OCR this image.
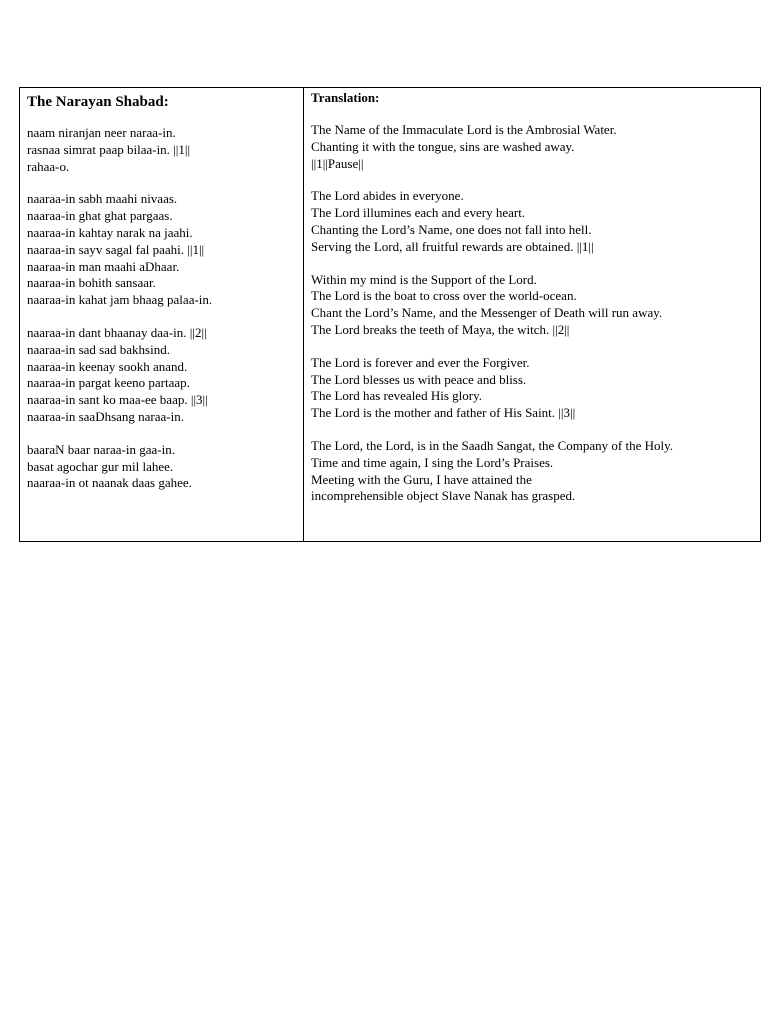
The Narayan Shabad:
naam niranjan neer naraa-in.
rasnaa simrat paap bilaa-in. ||1||
rahaa-o.
naaraa-in sabh maahi nivaas.
naaraa-in ghat ghat pargaas.
naaraa-in kahtay narak na jaahi.
naaraa-in sayv sagal fal paahi. ||1||
naaraa-in man maahi aDhaar.
naaraa-in bohith sansaar.
naaraa-in kahat jam bhaag palaa-in.
naaraa-in dant bhaanay daa-in. ||2||
naaraa-in sad sad bakhsind.
naaraa-in keenay sookh anand.
naaraa-in pargat keeno partaap.
naaraa-in sant ko maa-ee baap. ||3||
naaraa-in saaDhsang naraa-in.
baaraN baar naraa-in gaa-in.
basat agochar gur mil lahee.
naaraa-in ot naanak daas gahee.
Translation:
The Name of the Immaculate Lord is the Ambrosial Water.
Chanting it with the tongue, sins are washed away.
||1||Pause||
The Lord abides in everyone.
The Lord illumines each and every heart.
Chanting the Lord’s Name, one does not fall into hell.
Serving the Lord, all fruitful rewards are obtained. ||1||
Within my mind is the Support of the Lord.
The Lord is the boat to cross over the world-ocean.
Chant the Lord’s Name, and the Messenger of Death will run away.
The Lord breaks the teeth of Maya, the witch. ||2||
The Lord is forever and ever the Forgiver.
The Lord blesses us with peace and bliss.
The Lord has revealed His glory.
The Lord is the mother and father of His Saint. ||3||
The Lord, the Lord, is in the Saadh Sangat, the Company of the Holy.
Time and time again, I sing the Lord’s Praises.
Meeting with the Guru, I have attained the
incomprehensible object Slave Nanak has grasped.
